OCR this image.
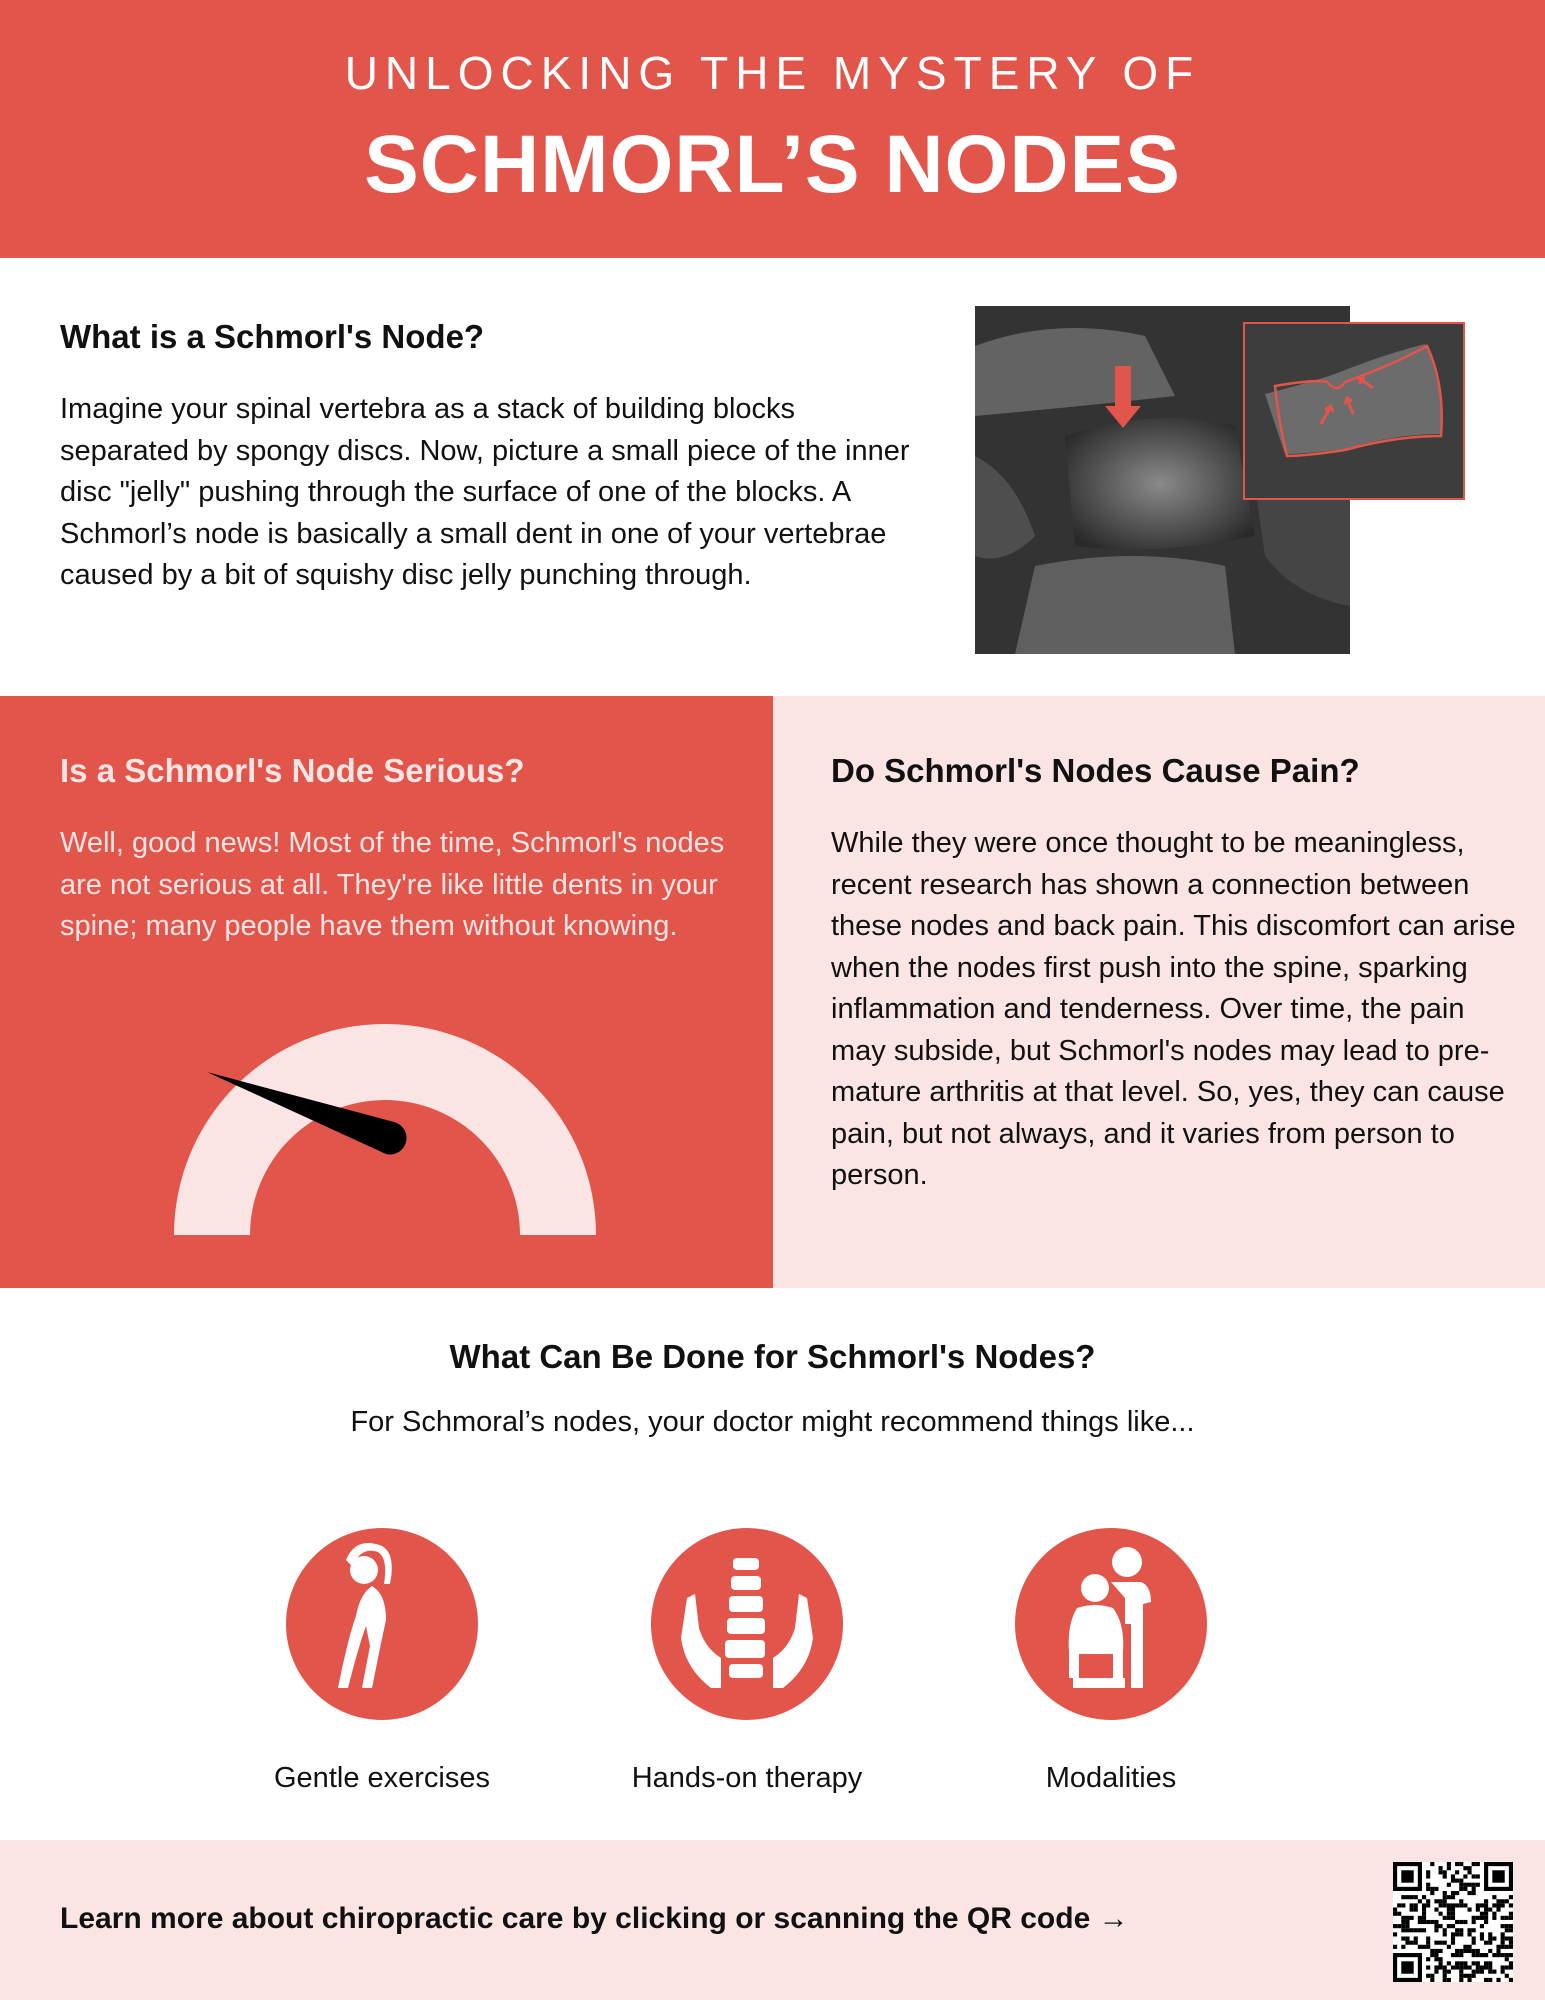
UNLOCKING THE MYSTERY OF
SCHMORL’S NODES
What is a Schmorl's Node?
Imagine your spinal vertebra as a stack of building blocks separated by spongy discs. Now, picture a small piece of the inner disc "jelly" pushing through the surface of one of the blocks. A Schmorl’s node is basically a small dent in one of your vertebrae caused by a bit of squishy disc jelly punching through.
Is a Schmorl's Node Serious?
Well, good news! Most of the time, Schmorl's nodes are not serious at all. They're like little dents in your spine; many people have them without knowing.
Do Schmorl's Nodes Cause Pain?
While they were once thought to be meaningless, recent research has shown a connection between these nodes and back pain. This discomfort can arise when the nodes first push into the spine, sparking inflammation and tenderness. Over time, the pain may subside, but Schmorl's nodes may lead to pre-mature arthritis at that level. So, yes, they can cause pain, but not always, and it varies from person to person.
What Can Be Done for Schmorl's Nodes?
For Schmoral’s nodes, your doctor might recommend things like...
Gentle exercises	Hands-on therapy	Modalities
Learn more about chiropractic care by clicking or scanning the QR code →
